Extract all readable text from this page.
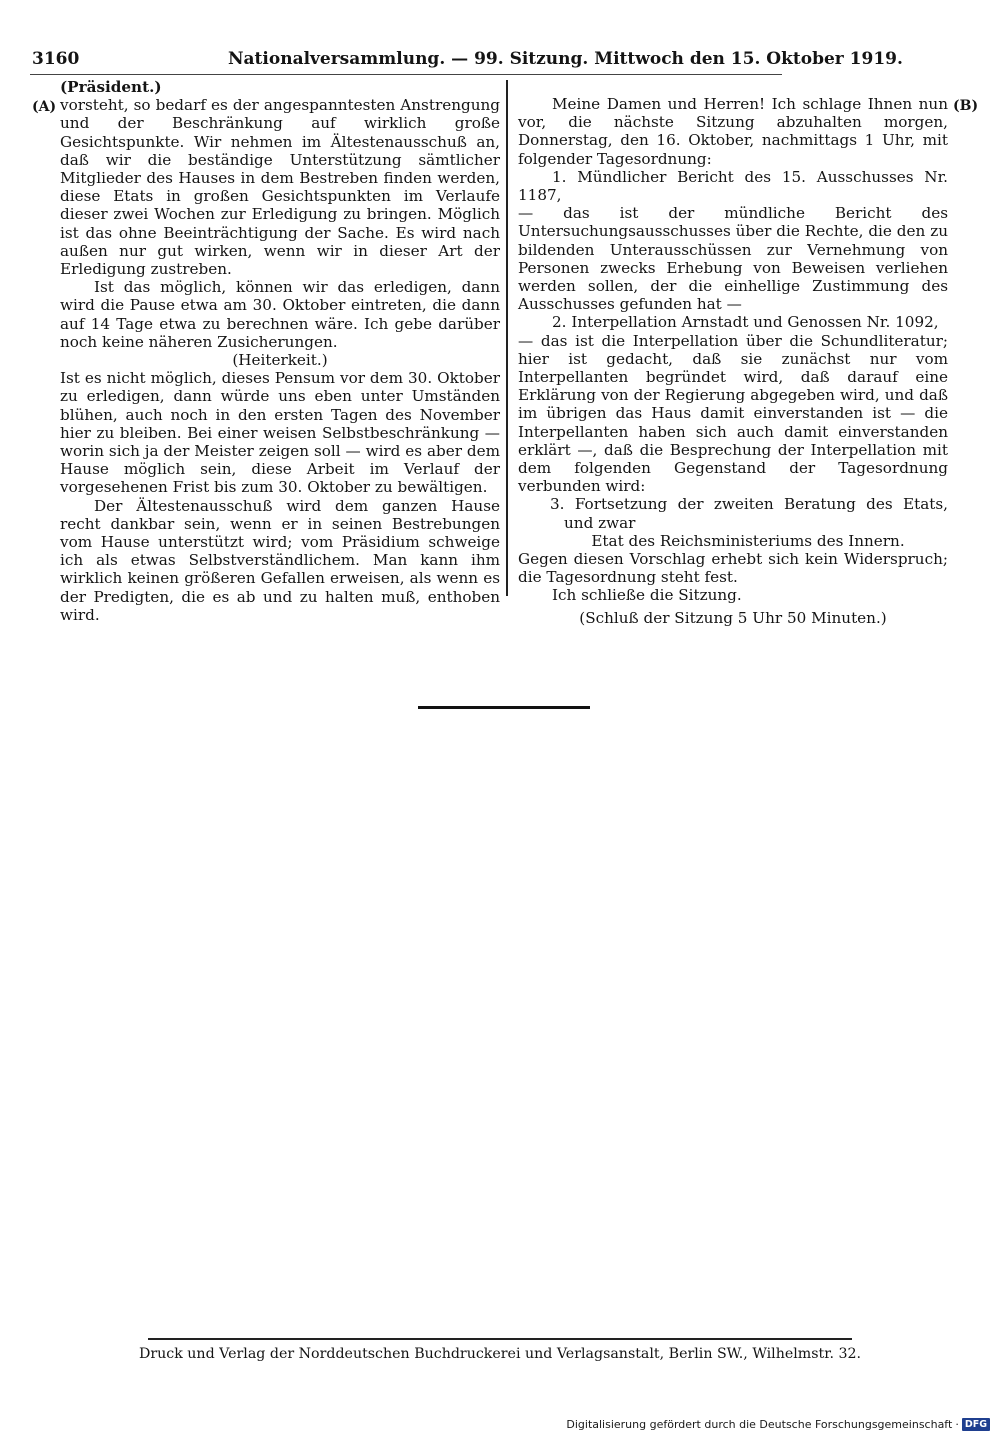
3160	Nationalversammlung. — 99. Sitzung. Mittwoch den 15. Oktober 1919.
(A)	(B)

(Präsident.)

vorsteht, so bedarf es der angespanntesten Anstrengung und der Beschränkung auf wirklich große Gesichtspunkte. Wir nehmen im Ältestenausschuß an, daß wir die beständige Unterstützung sämtlicher Mitglieder des Hauses in dem Bestreben finden werden, diese Etats in großen Gesichtspunkten im Verlaufe dieser zwei Wochen zur Erledigung zu bringen. Möglich ist das ohne Beeinträchtigung der Sache. Es wird nach außen nur gut wirken, wenn wir in dieser Art der Erledigung zustreben.

Ist das möglich, können wir das erledigen, dann wird die Pause etwa am 30. Oktober eintreten, die dann auf 14 Tage etwa zu berechnen wäre. Ich gebe darüber noch keine näheren Zusicherungen.

(Heiterkeit.)

Ist es nicht möglich, dieses Pensum vor dem 30. Oktober zu erledigen, dann würde uns eben unter Umständen blühen, auch noch in den ersten Tagen des November hier zu bleiben. Bei einer weisen Selbstbeschränkung — worin sich ja der Meister zeigen soll — wird es aber dem Hause möglich sein, diese Arbeit im Verlauf der vorgesehenen Frist bis zum 30. Oktober zu bewältigen.

Der Ältestenausschuß wird dem ganzen Hause recht dankbar sein, wenn er in seinen Bestrebungen vom Hause unterstützt wird; vom Präsidium schweige ich als etwas Selbstverständlichem. Man kann ihm wirklich keinen größeren Gefallen erweisen, als wenn es der Predigten, die es ab und zu halten muß, enthoben wird.

Meine Damen und Herren! Ich schlage Ihnen nun vor, die nächste Sitzung abzuhalten morgen, Donnerstag, den 16. Oktober, nachmittags 1 Uhr, mit folgender Tagesordnung:

1. Mündlicher Bericht des 15. Ausschusses Nr. 1187,

— das ist der mündliche Bericht des Untersuchungsausschusses über die Rechte, die den zu bildenden Unterausschüssen zur Vernehmung von Personen zwecks Erhebung von Beweisen verliehen werden sollen, der die einhellige Zustimmung des Ausschusses gefunden hat —

2. Interpellation Arnstadt und Genossen Nr. 1092,

— das ist die Interpellation über die Schundliteratur; hier ist gedacht, daß sie zunächst nur vom Interpellanten begründet wird, daß darauf eine Erklärung von der Regierung abgegeben wird, und daß im übrigen das Haus damit einverstanden ist — die Interpellanten haben sich auch damit einverstanden erklärt —, daß die Besprechung der Interpellation mit dem folgenden Gegenstand der Tagesordnung verbunden wird:

3. Fortsetzung der zweiten Beratung des Etats, und zwar

Etat des Reichsministeriums des Innern.

Gegen diesen Vorschlag erhebt sich kein Widerspruch; die Tagesordnung steht fest.

Ich schließe die Sitzung.

(Schluß der Sitzung 5 Uhr 50 Minuten.)

Druck und Verlag der Norddeutschen Buchdruckerei und Verlagsanstalt, Berlin SW., Wilhelmstr. 32.
Digitalisierung gefördert durch die Deutsche Forschungsgemeinschaft · DFG
